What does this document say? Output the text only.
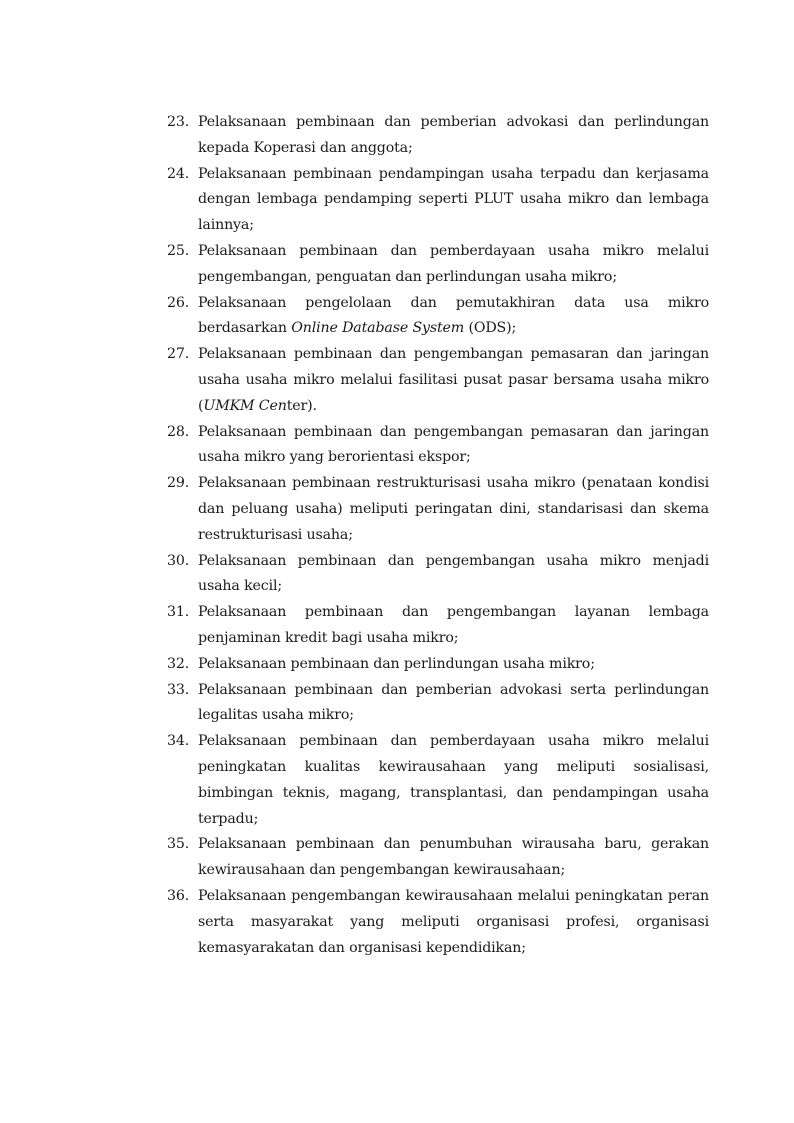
23. Pelaksanaan pembinaan dan pemberian advokasi dan perlindungan kepada Koperasi dan anggota;
24. Pelaksanaan pembinaan pendampingan usaha terpadu dan kerjasama dengan lembaga pendamping seperti PLUT usaha mikro dan lembaga lainnya;
25. Pelaksanaan pembinaan dan pemberdayaan usaha mikro melalui pengembangan, penguatan dan perlindungan usaha mikro;
26. Pelaksanaan pengelolaan dan pemutakhiran data usa mikro berdasarkan Online Database System (ODS);
27. Pelaksanaan pembinaan dan pengembangan pemasaran dan jaringan usaha usaha mikro melalui fasilitasi pusat pasar bersama usaha mikro (UMKM Center).
28. Pelaksanaan pembinaan dan pengembangan pemasaran dan jaringan usaha mikro yang berorientasi ekspor;
29. Pelaksanaan pembinaan restrukturisasi usaha mikro (penataan kondisi dan peluang usaha) meliputi peringatan dini, standarisasi dan skema restrukturisasi usaha;
30. Pelaksanaan pembinaan dan pengembangan usaha mikro menjadi usaha kecil;
31. Pelaksanaan pembinaan dan pengembangan layanan lembaga penjaminan kredit bagi usaha mikro;
32. Pelaksanaan pembinaan dan perlindungan usaha mikro;
33. Pelaksanaan pembinaan dan pemberian advokasi serta perlindungan legalitas usaha mikro;
34. Pelaksanaan pembinaan dan pemberdayaan usaha mikro melalui peningkatan kualitas kewirausahaan yang meliputi sosialisasi, bimbingan teknis, magang, transplantasi, dan pendampingan usaha terpadu;
35. Pelaksanaan pembinaan dan penumbuhan wirausaha baru, gerakan kewirausahaan dan pengembangan kewirausahaan;
36. Pelaksanaan pengembangan kewirausahaan melalui peningkatan peran serta masyarakat yang meliputi organisasi profesi, organisasi kemasyarakatan dan organisasi kependidikan;
